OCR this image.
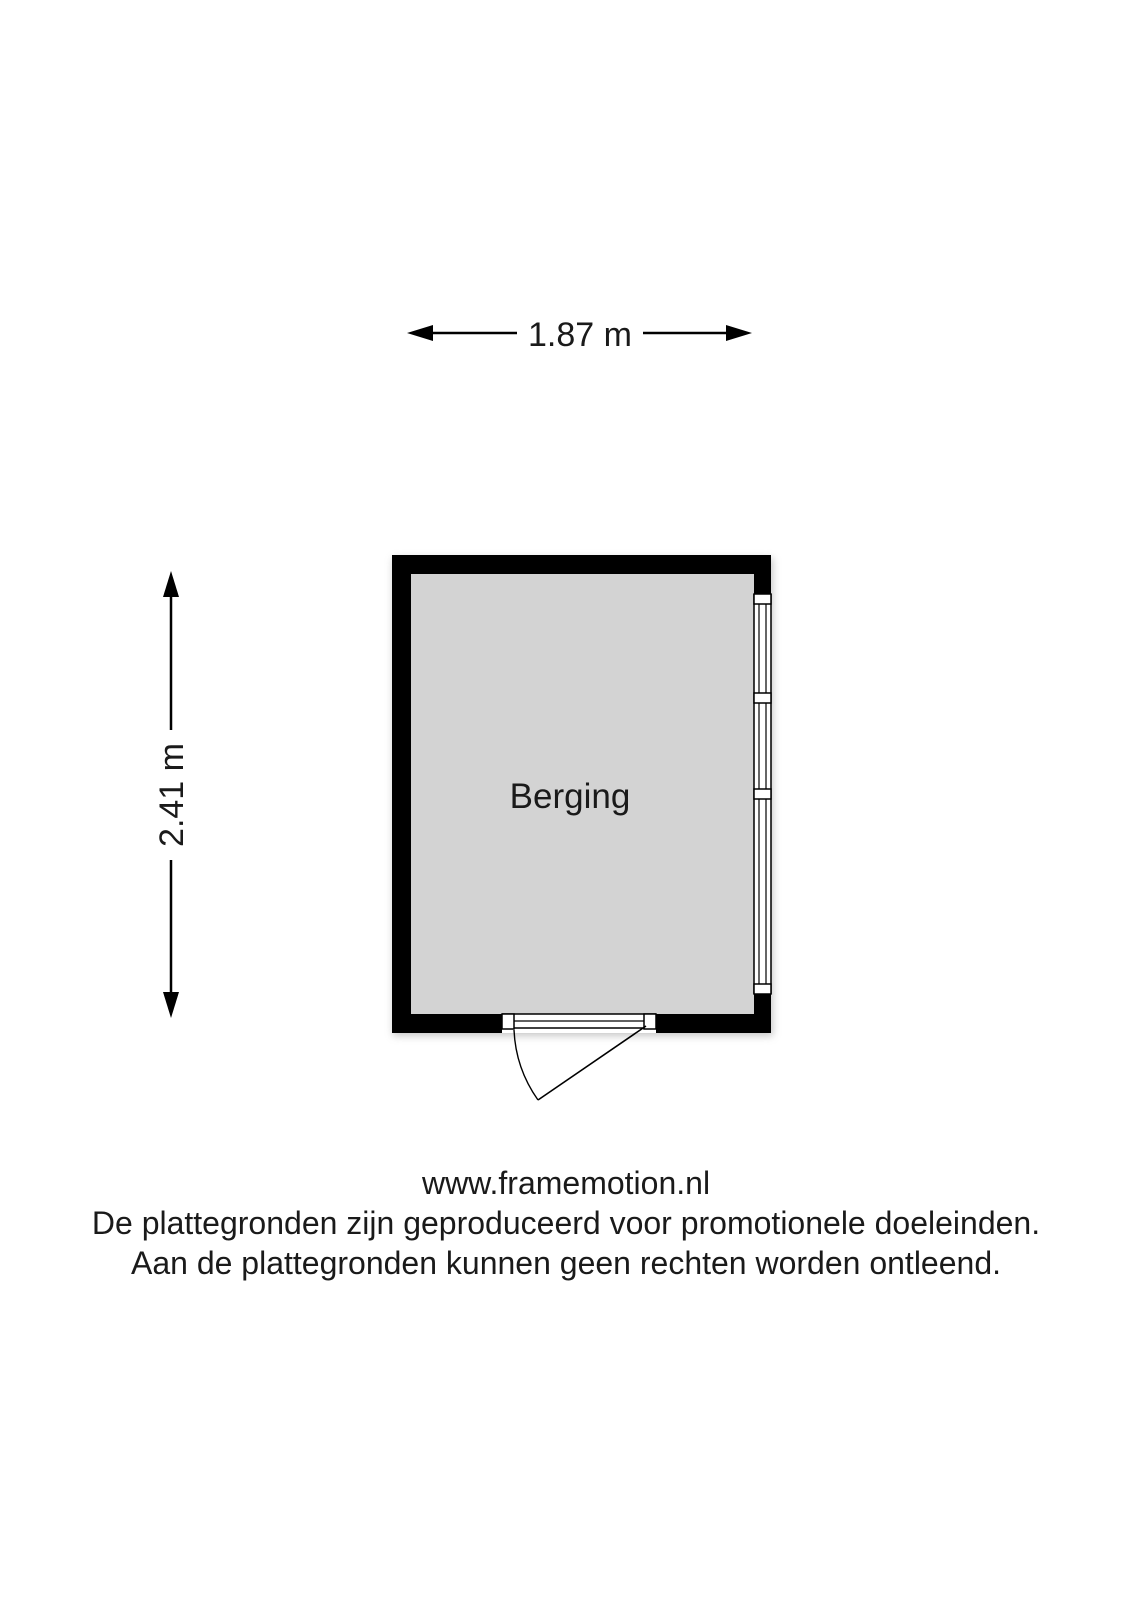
1.87 m
2.41 m	Berging
www.framemotion.nl
De plattegronden zijn geproduceerd voor promotionele doeleinden.
Aan de plattegronden kunnen geen rechten worden ontleend.
